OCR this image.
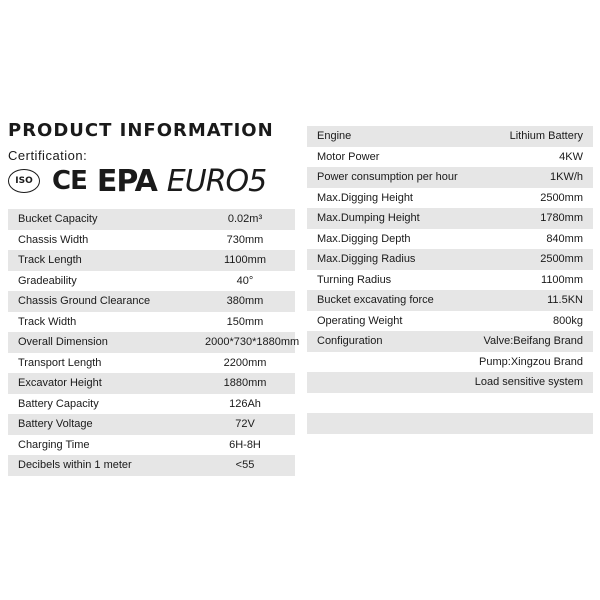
PRODUCT INFORMATION
Certification:
ISO CE EPA EURO5
Bucket Capacity	0.02m³
Chassis Width	730mm
Track Length	1100mm
Gradeability	40°
Chassis Ground Clearance	380mm
Track Width	150mm
Overall Dimension	2000*730*1880mm
Transport Length	2200mm
Excavator Height	1880mm
Battery Capacity	126Ah
Battery Voltage	72V
Charging Time	6H-8H
Decibels within 1 meter	<55
Engine	Lithium Battery
Motor Power	4KW
Power consumption per hour	1KW/h
Max.Digging Height	2500mm
Max.Dumping Height	1780mm
Max.Digging Depth	840mm
Max.Digging Radius	2500mm
Turning Radius	1100mm
Bucket excavating force	11.5KN
Operating Weight	800kg
Configuration	Valve:Beifang Brand
Pump:Xingzou Brand
Load sensitive system
